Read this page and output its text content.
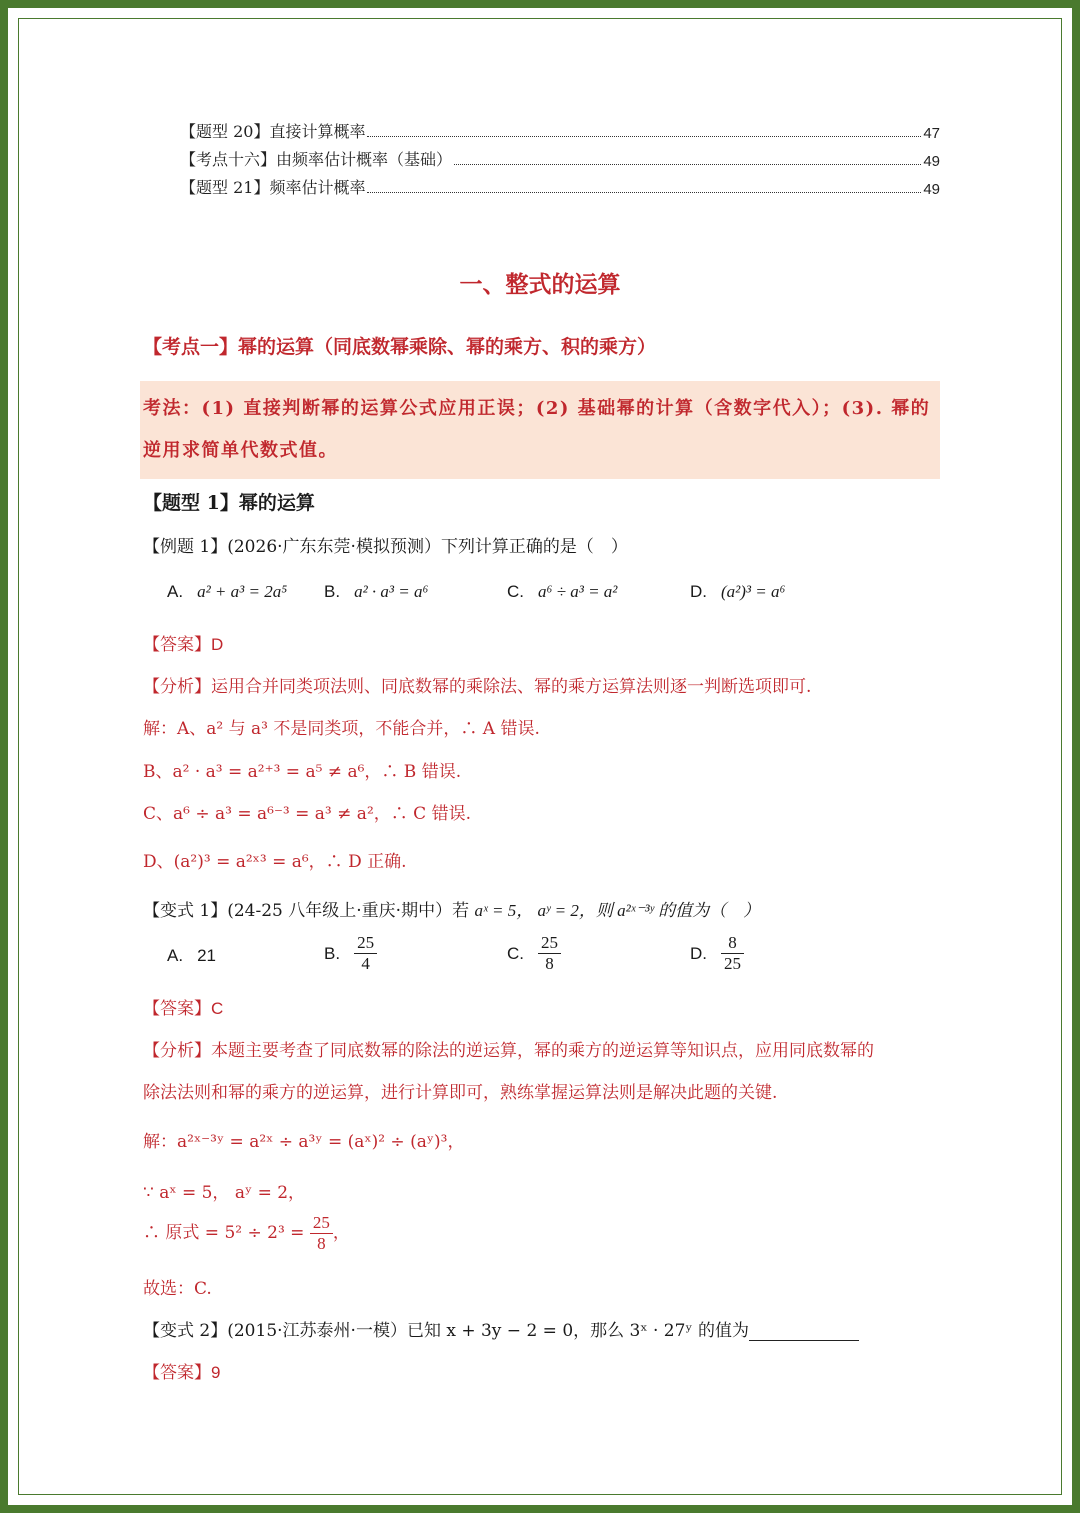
【题型 20】直接计算概率	47
【考点十六】由频率估计概率（基础）	49
【题型 21】频率估计概率	49
一、整式的运算
【考点一】幂的运算（同底数幂乘除、幂的乘方、积的乘方）
考法：(1) 直接判断幂的运算公式应用正误；(2) 基础幂的计算（含数字代入）；(3). 幂的逆用求简单代数式值。
【题型 1】幂的运算
【例题 1】(2026·广东东莞·模拟预测）下列计算正确的是（　）
A. a² + a³ = 2a⁵ B. a² · a³ = a⁶	C. a⁶ ÷ a³ = a²	D. (a²)³ = a⁶
【答案】D
【分析】运用合并同类项法则、同底数幂的乘除法、幂的乘方运算法则逐一判断选项即可.
解：A、a² 与 a³ 不是同类项，不能合并，∴ A 错误.
B、a² · a³ = a²⁺³ = a⁵ ≠ a⁶，∴ B 错误.
C、a⁶ ÷ a³ = a⁶⁻³ = a³ ≠ a²，∴ C 错误.
D、(a²)³ = a²ˣ³ = a⁶，∴ D 正确.
【变式 1】(24-25 八年级上·重庆·期中）若 aˣ = 5， aʸ = 2，则 a²ˣ⁻³ʸ 的值为（　）
A. 21	B. $\frac{25}{4}$	C. $\frac{25}{8}$	D. $\frac{8}{25}$
【答案】C
【分析】本题主要考查了同底数幂的除法的逆运算，幂的乘方的逆运算等知识点，应用同底数幂的
除法法则和幂的乘方的逆运算，进行计算即可，熟练掌握运算法则是解决此题的关键.
解：a²ˣ⁻³ʸ = a²ˣ ÷ a³ʸ = (aˣ)² ÷ (aʸ)³，
∵ aˣ = 5， aʸ = 2，
∴ 原式 = $5^2 \div 2^3 = \frac{25}{8}$ ，
故选：C.
【变式 2】(2015·江苏泰州·一模）已知 x + 3y − 2 = 0，那么 3ˣ · 27ʸ 的值为
【答案】9
